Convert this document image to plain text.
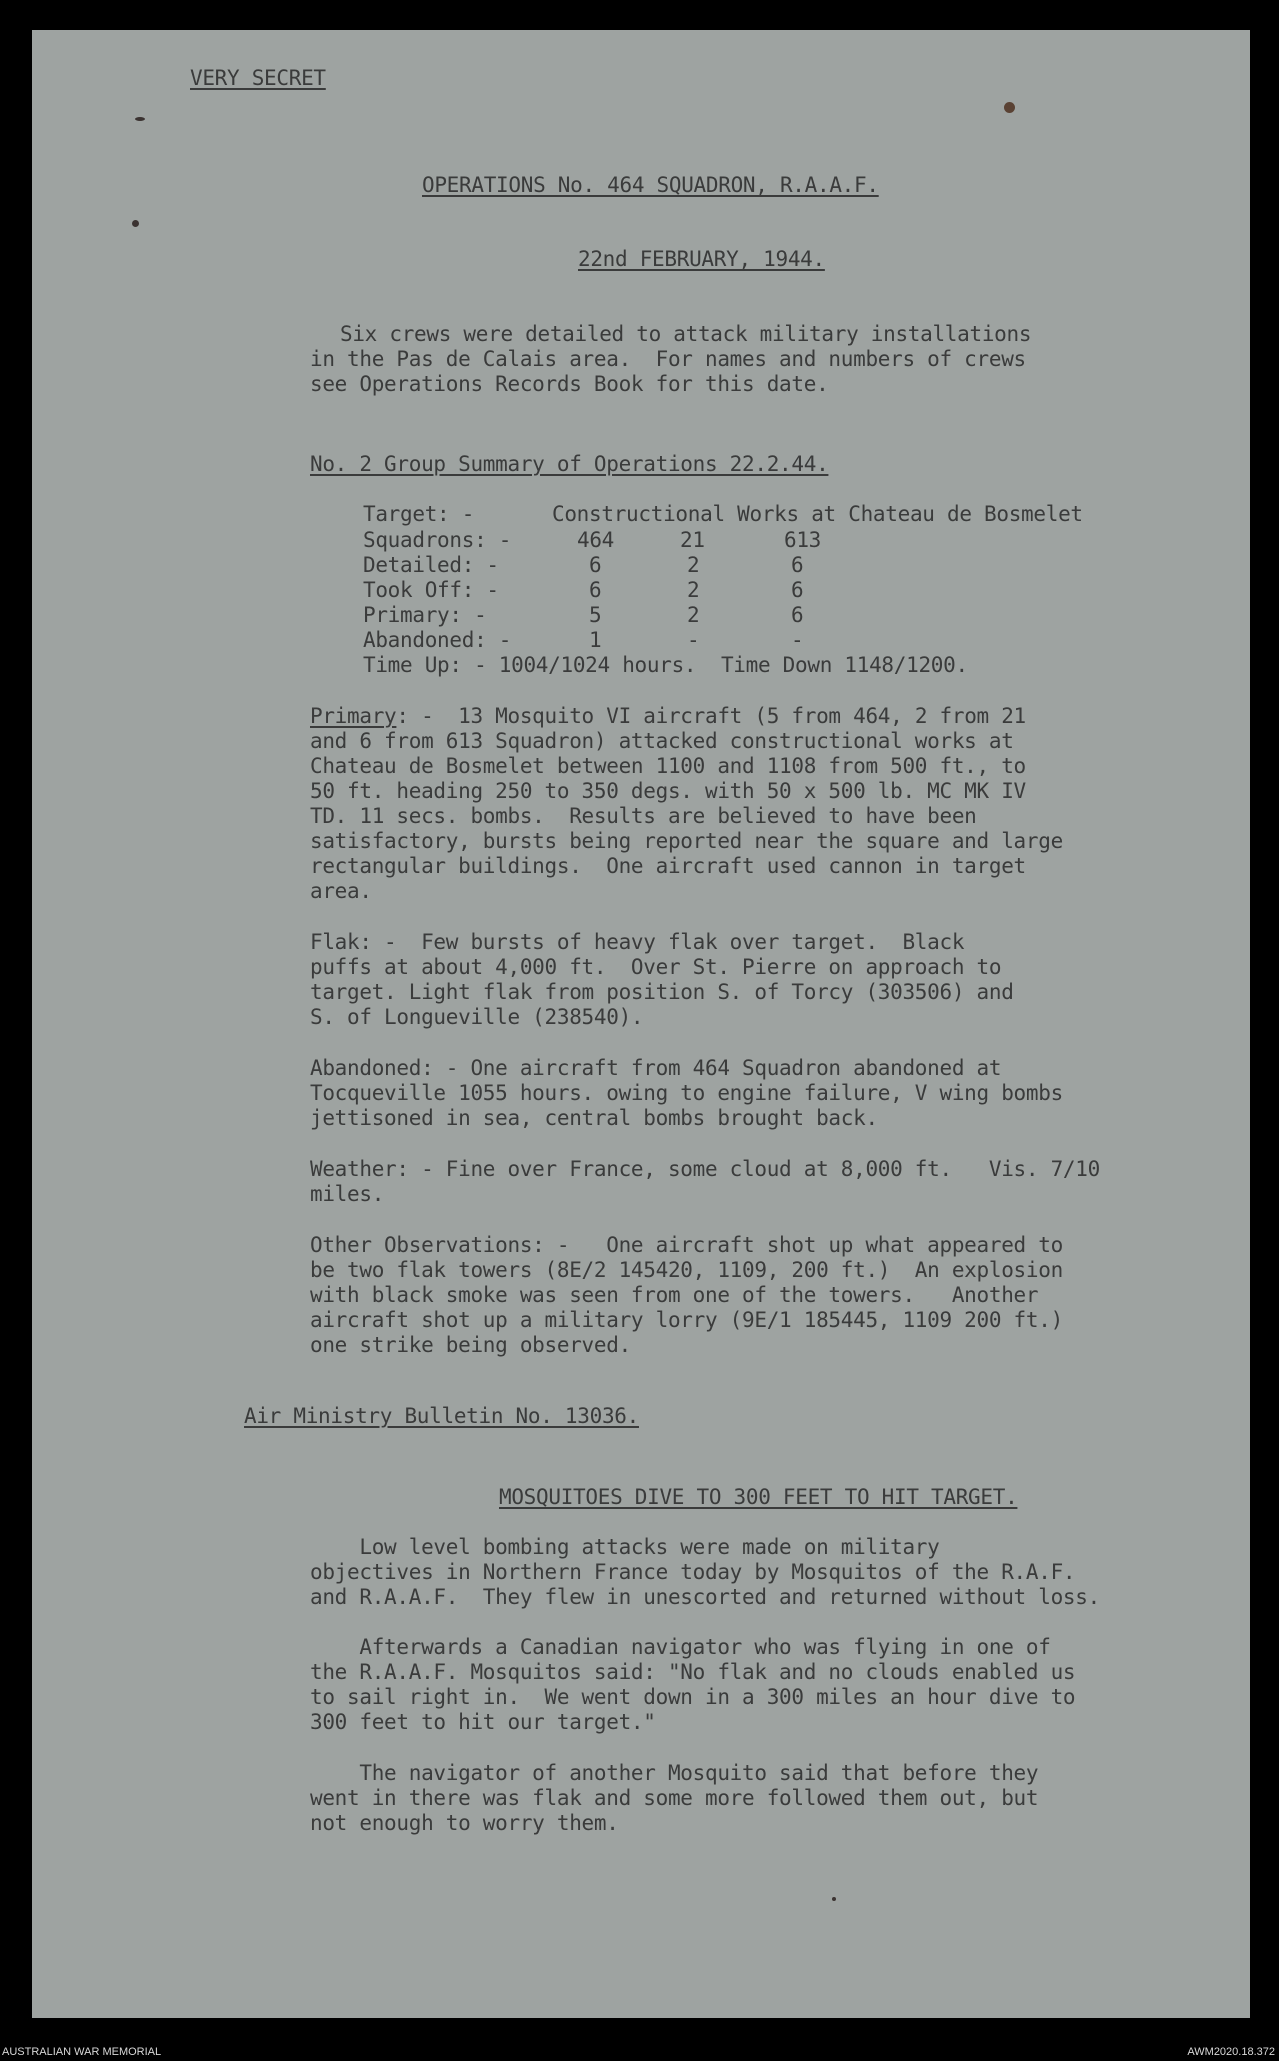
VERY SECRET
OPERATIONS No. 464 SQUADRON, R.A.A.F.
22nd FEBRUARY, 1944.
Six crews were detailed to attack military installations
in the Pas de Calais area.  For names and numbers of crews
see Operations Records Book for this date.
No. 2 Group Summary of Operations 22.2.44.
Target: -	Constructional Works at Chateau de Bosmelet
Squadrons: -	464	21	613
Detailed: -	6	2	6
Took Off: -	6	2	6
Primary: -	5	2	6
Abandoned: -	1	-	-
Time Up: - 1004/1024 hours.  Time Down 1148/1200.
Primary: -  13 Mosquito VI aircraft (5 from 464, 2 from 21
and 6 from 613 Squadron) attacked constructional works at
Chateau de Bosmelet between 1100 and 1108 from 500 ft., to
50 ft. heading 250 to 350 degs. with 50 x 500 lb. MC MK IV
TD. 11 secs. bombs.  Results are believed to have been
satisfactory, bursts being reported near the square and large
rectangular buildings.  One aircraft used cannon in target
area.
Flak: -  Few bursts of heavy flak over target.  Black
puffs at about 4,000 ft.  Over St. Pierre on approach to
target. Light flak from position S. of Torcy (303506) and
S. of Longueville (238540).
Abandoned: - One aircraft from 464 Squadron abandoned at
Tocqueville 1055 hours. owing to engine failure, V wing bombs
jettisoned in sea, central bombs brought back.
Weather: - Fine over France, some cloud at 8,000 ft.   Vis. 7/10
miles.
Other Observations: -   One aircraft shot up what appeared to
be two flak towers (8E/2 145420, 1109, 200 ft.)  An explosion
with black smoke was seen from one of the towers.   Another
aircraft shot up a military lorry (9E/1 185445, 1109 200 ft.)
one strike being observed.
Air Ministry Bulletin No. 13036.
MOSQUITOES DIVE TO 300 FEET TO HIT TARGET.
Low level bombing attacks were made on military
objectives in Northern France today by Mosquitos of the R.A.F.
and R.A.A.F.  They flew in unescorted and returned without loss.
Afterwards a Canadian navigator who was flying in one of
the R.A.A.F. Mosquitos said: "No flak and no clouds enabled us
to sail right in.  We went down in a 300 miles an hour dive to
300 feet to hit our target."
The navigator of another Mosquito said that before they
went in there was flak and some more followed them out, but
not enough to worry them.
AUSTRALIAN WAR MEMORIAL	AWM2020.18.372
